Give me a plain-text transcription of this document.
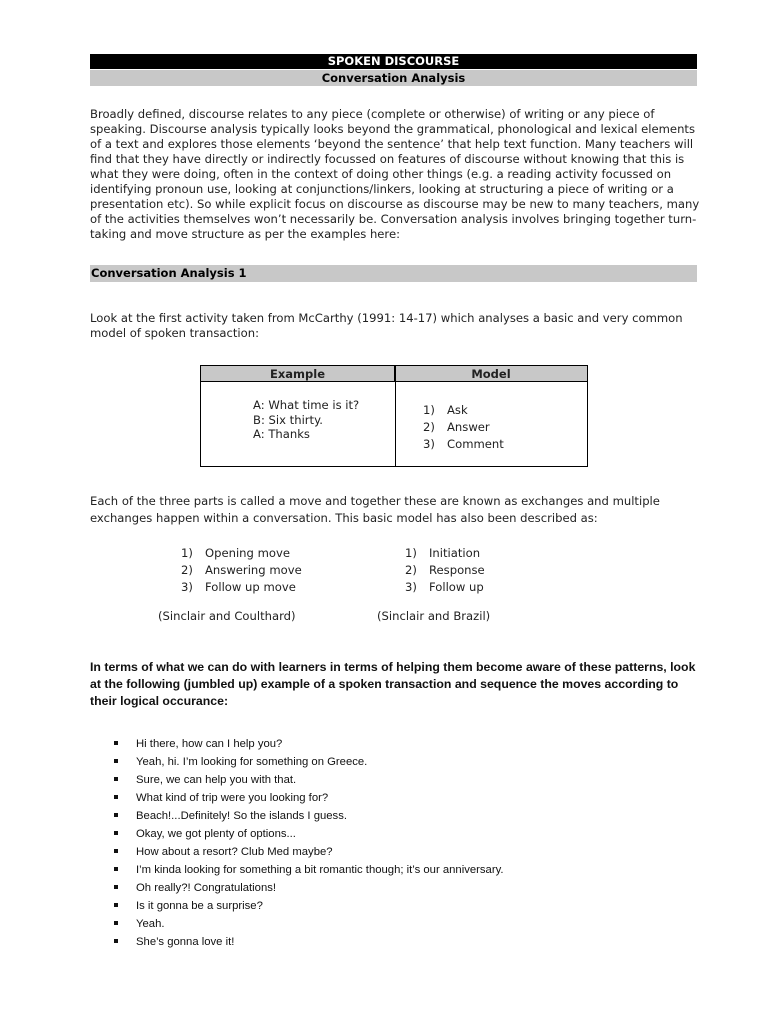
SPOKEN DISCOURSE
Conversation Analysis

Broadly defined, discourse relates to any piece (complete or otherwise) of writing or any piece of speaking. Discourse analysis typically looks beyond the grammatical, phonological and lexical elements of a text and explores those elements ‘beyond the sentence’ that help text function. Many teachers will find that they have directly or indirectly focussed on features of discourse without knowing that this is what they were doing, often in the context of doing other things (e.g. a reading activity focussed on identifying pronoun use, looking at conjunctions/linkers, looking at structuring a piece of writing or a presentation etc). So while explicit focus on discourse as discourse may be new to many teachers, many of the activities themselves won’t necessarily be. Conversation analysis involves bringing together turn-taking and move structure as per the examples here:

Conversation Analysis 1

Look at the first activity taken from McCarthy (1991: 14-17) which analyses a basic and very common model of spoken transaction:

Example	Model
A: What time is it?
B: Six thirty.
A: Thanks
1) Ask
2) Answer
3) Comment

Each of the three parts is called a move and together these are known as exchanges and multiple exchanges happen within a conversation. This basic model has also been described as:

1) Opening move
2) Answering move
3) Follow up move
1) Initiation
2) Response
3) Follow up
(Sinclair and Coulthard)	(Sinclair and Brazil)

In terms of what we can do with learners in terms of helping them become aware of these patterns, look at the following (jumbled up) example of a spoken transaction and sequence the moves according to their logical occurance:

Hi there, how can I help you?
Yeah, hi. I’m looking for something on Greece.
Sure, we can help you with that.
What kind of trip were you looking for?
Beach!...Definitely! So the islands I guess.
Okay, we got plenty of options...
How about a resort? Club Med maybe?
I’m kinda looking for something a bit romantic though; it’s our anniversary.
Oh really?! Congratulations!
Is it gonna be a surprise?
Yeah.
She’s gonna love it!
